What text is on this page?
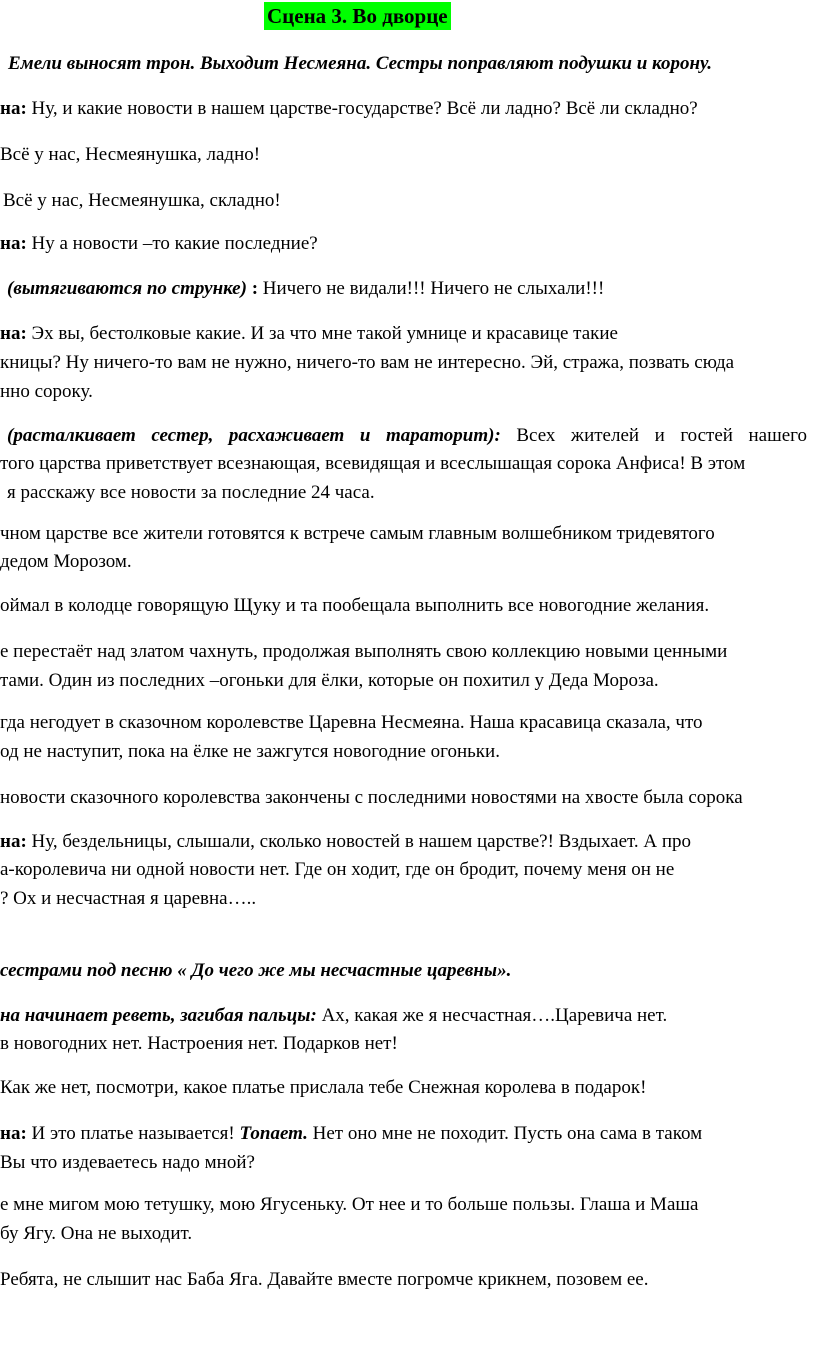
Сцена 3. Во дворце
Емели выносят трон. Выходит Несмеяна. Сестры поправляют подушки и корону.
на: Ну, и какие новости в нашем царстве-государстве? Всё ли ладно? Всё ли складно?
Всё у нас, Несмеянушка, ладно!
Всё у нас, Несмеянушка, складно!
на: Ну а новости –то какие последние?
(вытягиваются по струнке) : Ничего не видали!!! Ничего не слыхали!!!
на: Эх вы, бестолковые какие. И за что мне такой умнице и красавице такие
кницы? Ну ничего-то вам не нужно, ничего-то вам не интересно. Эй, стража, позвать сюда
нно сороку.
(расталкивает сестер, расхаживает и тараторит): Всех жителей и гостей нашего
того царства приветствует всезнающая, всевидящая и всеслышащая сорока Анфиса! В этом
я расскажу все новости за последние 24 часа.
чном царстве все жители готовятся к встрече самым главным волшебником тридевятого
дедом Морозом.
оймал в колодце говорящую Щуку и та пообещала выполнить все новогодние желания.
е перестаёт над златом чахнуть, продолжая выполнять свою коллекцию новыми ценными
тами. Один из последних –огоньки для ёлки, которые он похитил у Деда Мороза.
гда негодует в сказочном королевстве Царевна Несмеяна. Наша красавица сказала, что
од не наступит, пока на ёлке не зажгутся новогодние огоньки.
новости сказочного королевства закончены с последними новостями на хвосте была сорока
на: Ну, бездельницы, слышали, сколько новостей в нашем царстве?! Вздыхает. А про
а-королевича ни одной новости нет. Где он ходит, где он бродит, почему меня он не
? Ох и несчастная я царевна…..
сестрами под песню « До чего же мы несчастные царевны».
на начинает реветь, загибая пальцы: Ах, какая же я несчастная….Царевича нет.
в новогодних нет. Настроения нет. Подарков нет!
Как же нет, посмотри, какое платье прислала тебе Снежная королева в подарок!
на: И это платье называется! Топает. Нет оно мне не походит. Пусть она сама в таком
Вы что издеваетесь надо мной?
е мне мигом мою тетушку, мою Ягусеньку. От нее и то больше пользы. Глаша и Маша
бу Ягу. Она не выходит.
Ребята, не слышит нас Баба Яга. Давайте вместе погромче крикнем, позовем ее.
